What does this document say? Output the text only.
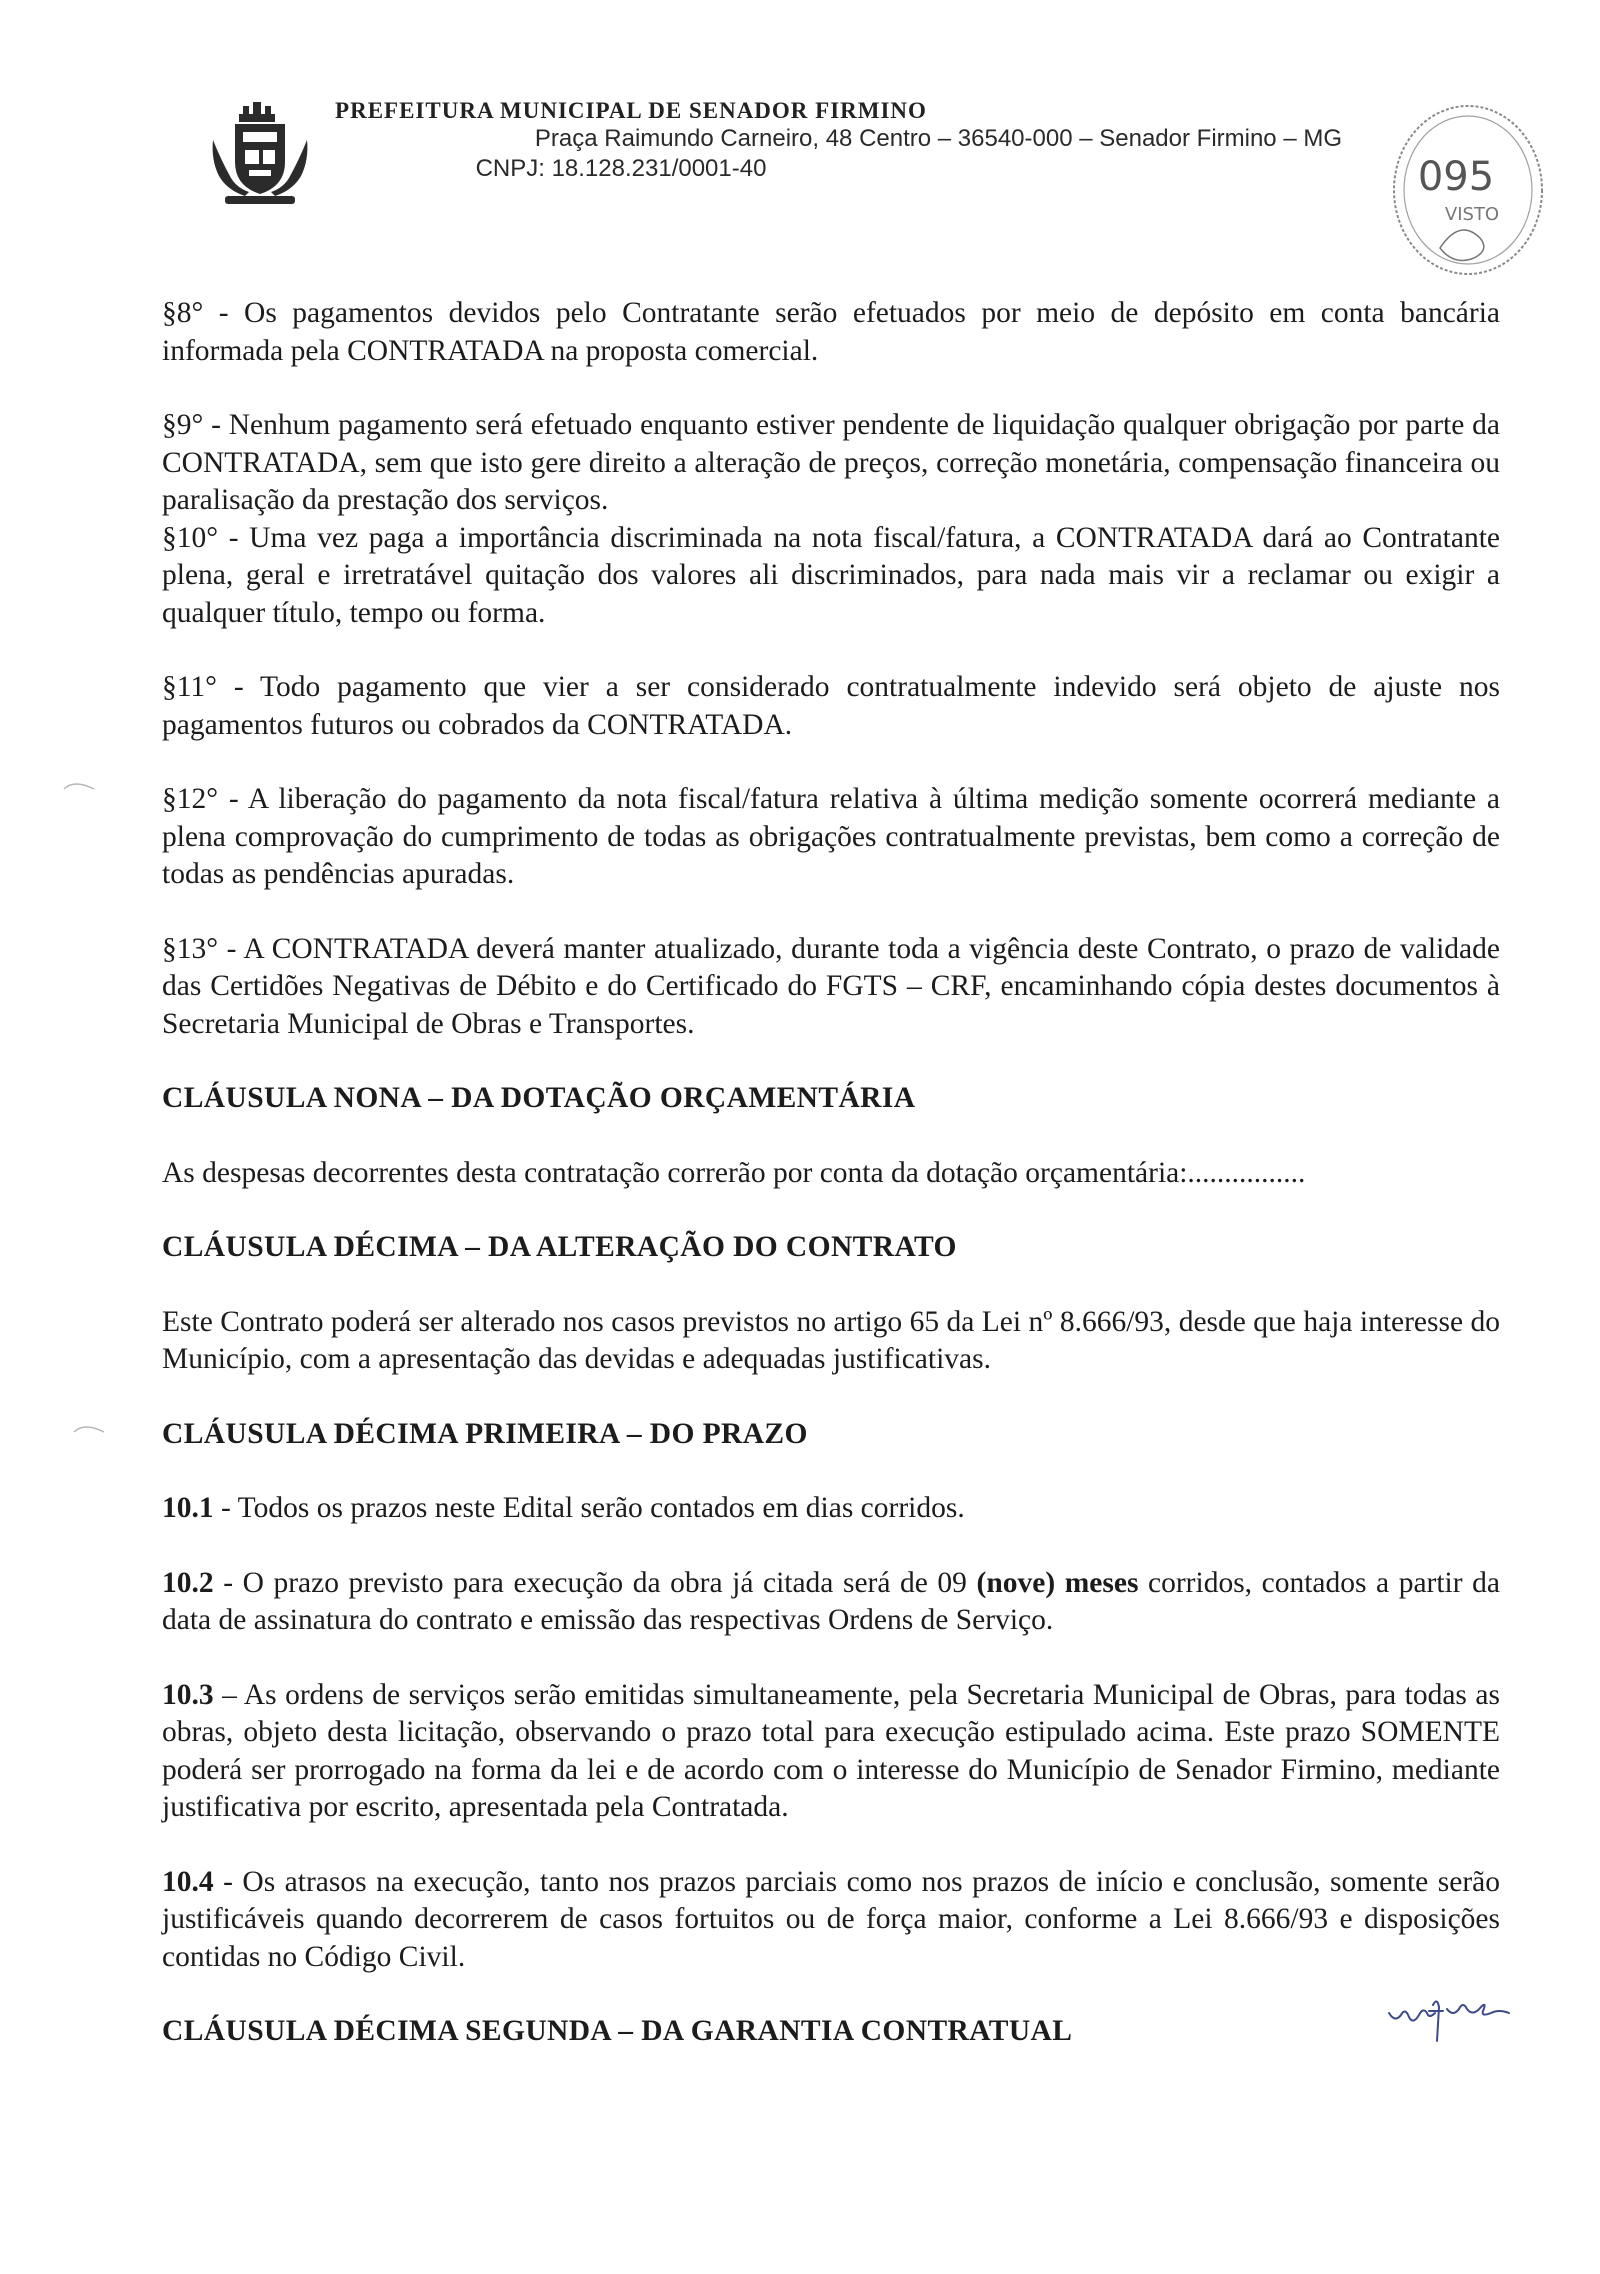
PREFEITURA MUNICIPAL DE SENADOR FIRMINO
Praça Raimundo Carneiro, 48 Centro – 36540-000 – Senador Firmino – MG
CNPJ: 18.128.231/0001-40	095
VISTO

§8° - Os pagamentos devidos pelo Contratante serão efetuados por meio de depósito em conta bancária informada pela CONTRATADA na proposta comercial.

§9° - Nenhum pagamento será efetuado enquanto estiver pendente de liquidação qualquer obrigação por parte da CONTRATADA, sem que isto gere direito a alteração de preços, correção monetária, compensação financeira ou paralisação da prestação dos serviços.

§10° - Uma vez paga a importância discriminada na nota fiscal/fatura, a CONTRATADA dará ao Contratante plena, geral e irretratável quitação dos valores ali discriminados, para nada mais vir a reclamar ou exigir a qualquer título, tempo ou forma.

§11° - Todo pagamento que vier a ser considerado contratualmente indevido será objeto de ajuste nos pagamentos futuros ou cobrados da CONTRATADA.

§12° - A liberação do pagamento da nota fiscal/fatura relativa à última medição somente ocorrerá mediante a plena comprovação do cumprimento de todas as obrigações contratualmente previstas, bem como a correção de todas as pendências apuradas.

§13° - A CONTRATADA deverá manter atualizado, durante toda a vigência deste Contrato, o prazo de validade das Certidões Negativas de Débito e do Certificado do FGTS – CRF, encaminhando cópia destes documentos à Secretaria Municipal de Obras e Transportes.

CLÁUSULA NONA – DA DOTAÇÃO ORÇAMENTÁRIA

As despesas decorrentes desta contratação correrão por conta da dotação orçamentária:................

CLÁUSULA DÉCIMA – DA ALTERAÇÃO DO CONTRATO

Este Contrato poderá ser alterado nos casos previstos no artigo 65 da Lei nº 8.666/93, desde que haja interesse do Município, com a apresentação das devidas e adequadas justificativas.

CLÁUSULA DÉCIMA PRIMEIRA – DO PRAZO

10.1 - Todos os prazos neste Edital serão contados em dias corridos.

10.2 - O prazo previsto para execução da obra já citada será de 09 (nove) meses corridos, contados a partir da data de assinatura do contrato e emissão das respectivas Ordens de Serviço.

10.3 – As ordens de serviços serão emitidas simultaneamente, pela Secretaria Municipal de Obras, para todas as obras, objeto desta licitação, observando o prazo total para execução estipulado acima. Este prazo SOMENTE poderá ser prorrogado na forma da lei e de acordo com o interesse do Município de Senador Firmino, mediante justificativa por escrito, apresentada pela Contratada.

10.4 - Os atrasos na execução, tanto nos prazos parciais como nos prazos de início e conclusão, somente serão justificáveis quando decorrerem de casos fortuitos ou de força maior, conforme a Lei 8.666/93 e disposições contidas no Código Civil.

CLÁUSULA DÉCIMA SEGUNDA – DA GARANTIA CONTRATUAL
